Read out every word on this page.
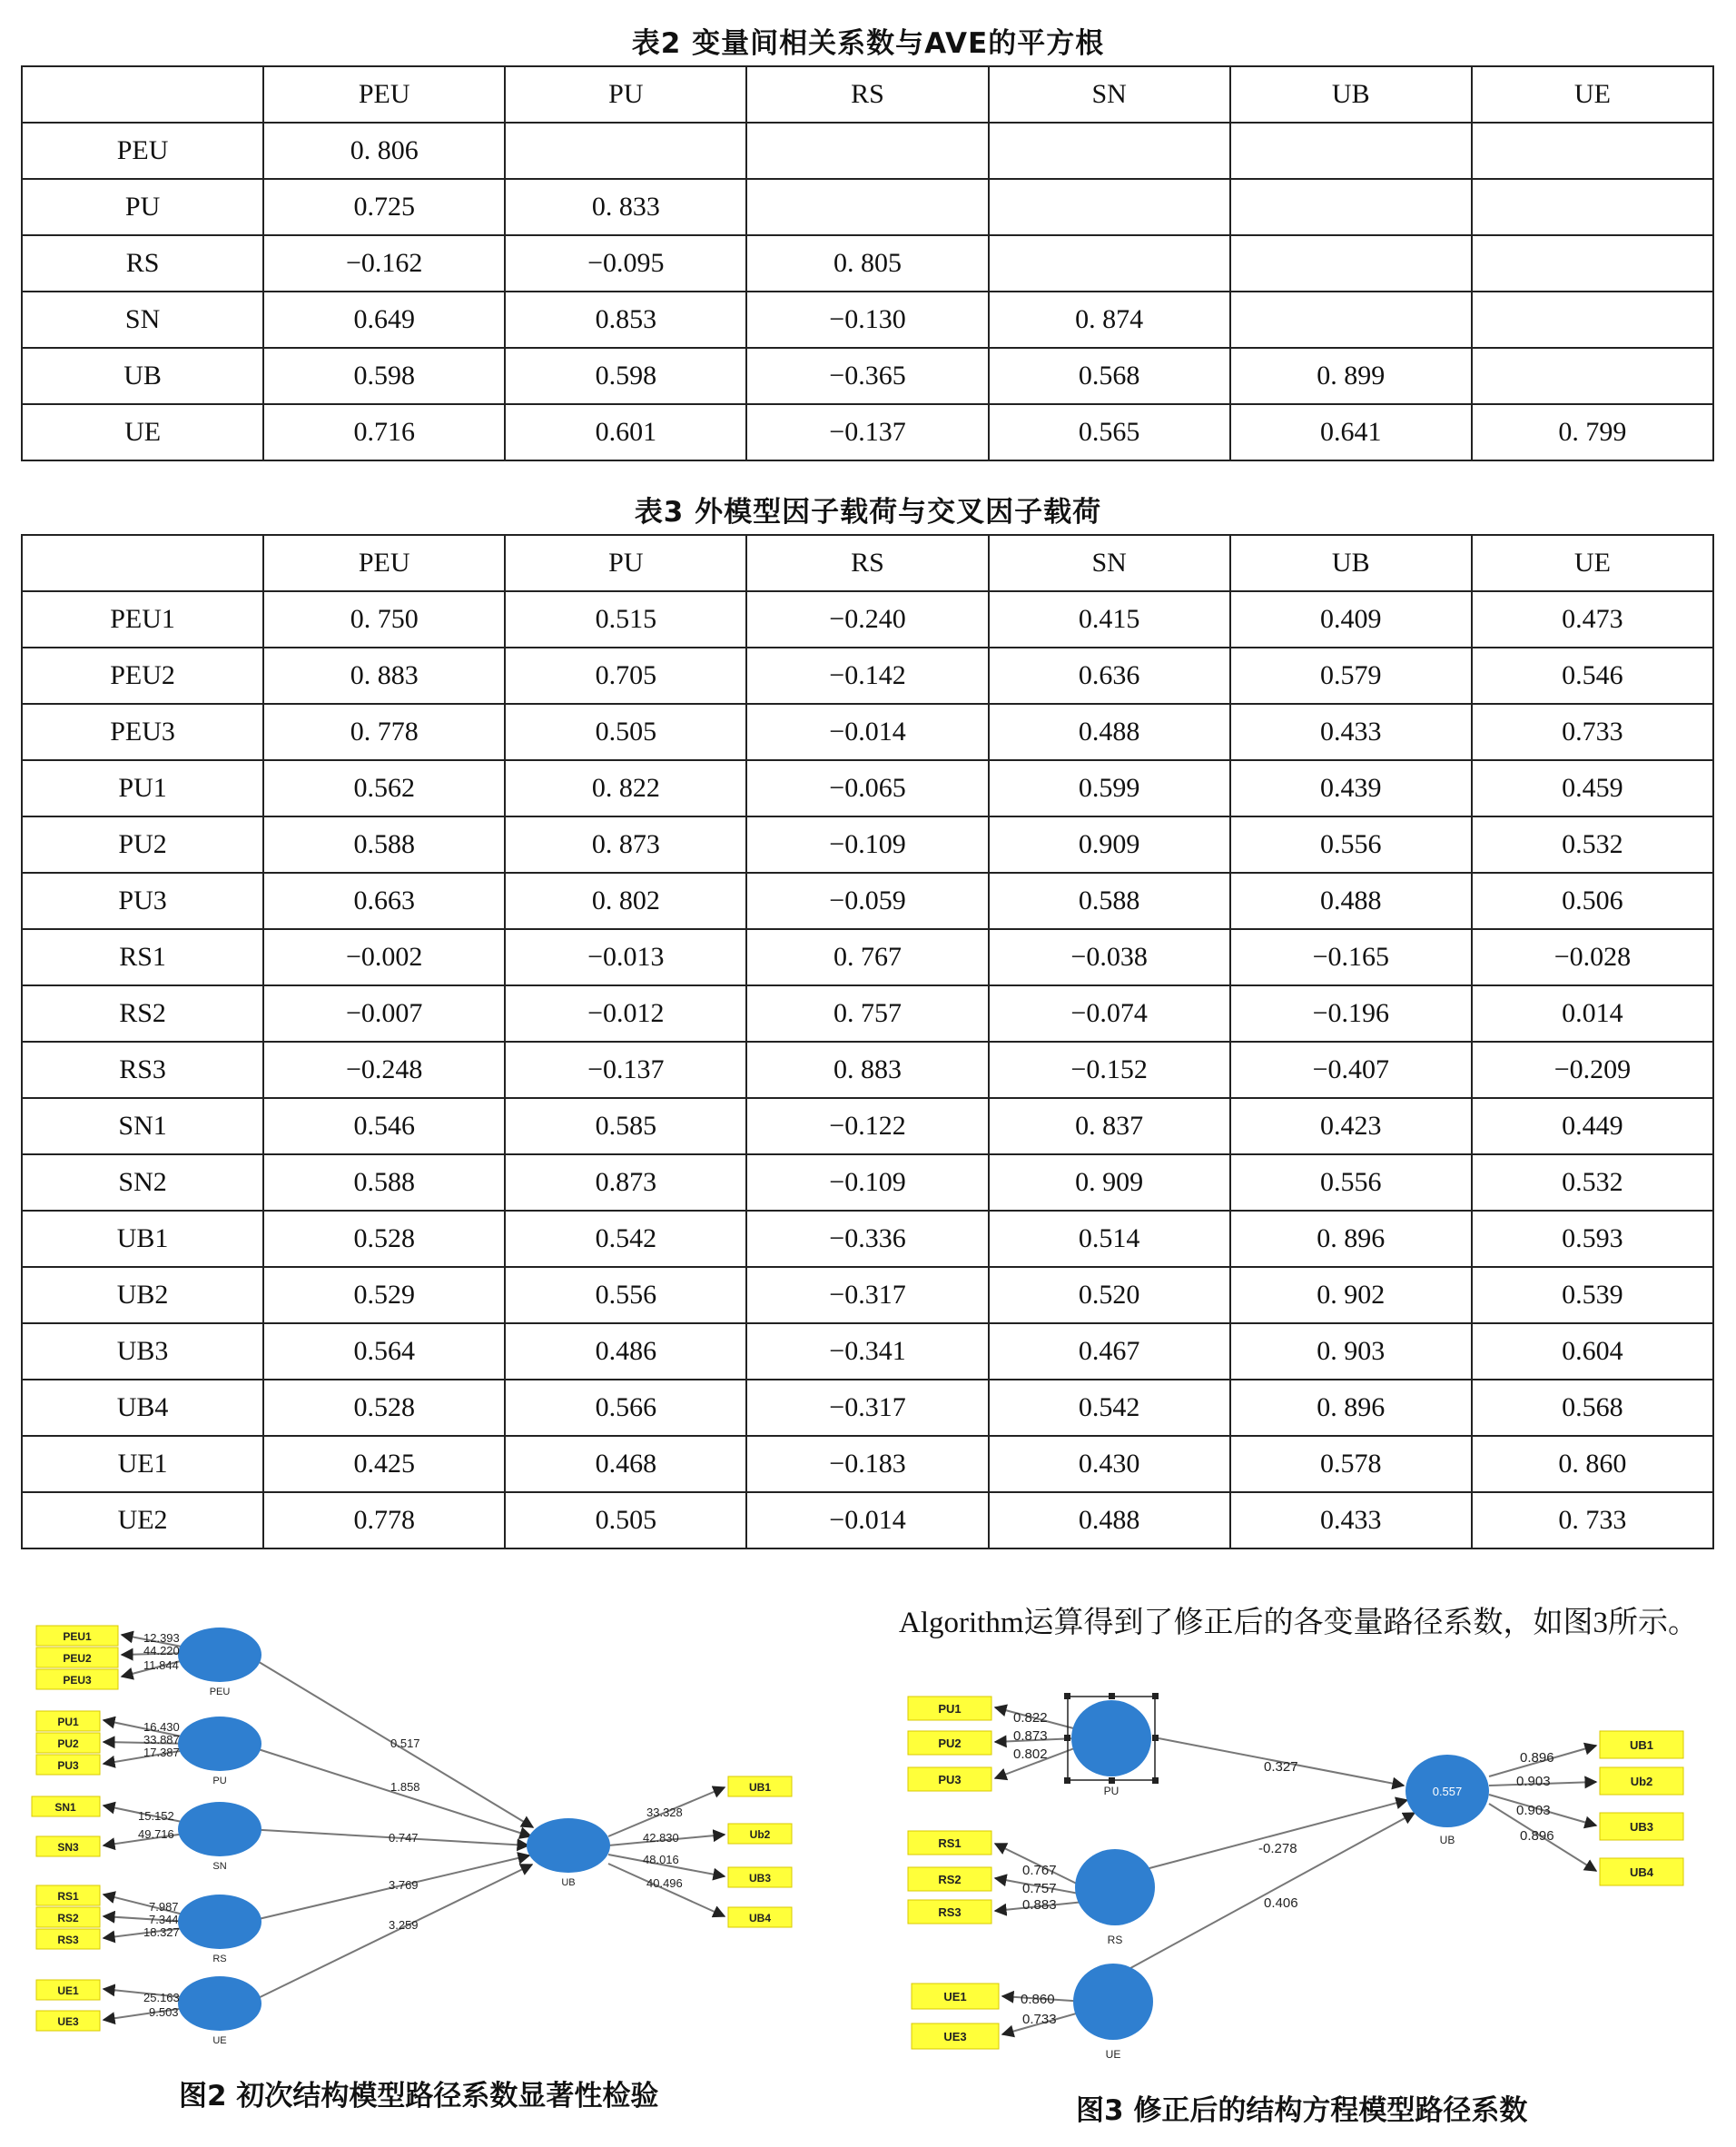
表2 变量间相关系数与AVE的平方根
	PEU	PU	RS	SN	UB	UE
PEU	0. 806					
PU	0.725	0. 833				
RS	−0.162	−0.095	0. 805			
SN	0.649	0.853	−0.130	0. 874		
UB	0.598	0.598	−0.365	0.568	0. 899	
UE	0.716	0.601	−0.137	0.565	0.641	0. 799
表3 外模型因子载荷与交叉因子载荷
	PEU	PU	RS	SN	UB	UE
PEU1	0. 750	0.515	−0.240	0.415	0.409	0.473
PEU2	0. 883	0.705	−0.142	0.636	0.579	0.546
PEU3	0. 778	0.505	−0.014	0.488	0.433	0.733
PU1	0.562	0. 822	−0.065	0.599	0.439	0.459
PU2	0.588	0. 873	−0.109	0.909	0.556	0.532
PU3	0.663	0. 802	−0.059	0.588	0.488	0.506
RS1	−0.002	−0.013	0. 767	−0.038	−0.165	−0.028
RS2	−0.007	−0.012	0. 757	−0.074	−0.196	0.014
RS3	−0.248	−0.137	0. 883	−0.152	−0.407	−0.209
SN1	0.546	0.585	−0.122	0. 837	0.423	0.449
SN2	0.588	0.873	−0.109	0. 909	0.556	0.532
UB1	0.528	0.542	−0.336	0.514	0. 896	0.593
UB2	0.529	0.556	−0.317	0.520	0. 902	0.539
UB3	0.564	0.486	−0.341	0.467	0. 903	0.604
UB4	0.528	0.566	−0.317	0.542	0. 896	0.568
UE1	0.425	0.468	−0.183	0.430	0.578	0. 860
UE2	0.778	0.505	−0.014	0.488	0.433	0. 733
PEU
PU
SN
RS
UE
UB
PEU1
PEU2
PEU3
PU1
PU2
PU3
SN1
SN3
RS1
RS2
RS3
UE1
UE3
UB1
Ub2
UB3
UB4
12.393
44.220
11.844
16.430
33.887
17.387
15.152
49.716
7.987
7.344
18.327
25.163
9.503
33.328
42.830
48.016
40.496
0.517
1.858
0.747
3.769
3.259
图2 初次结构模型路径系数显著性检验
Algorithm运算得到了修正后的各变量路径系数，如图3所示。
PU
RS
UE
UB
0.557
PU1
PU2
PU3
RS1
RS2
RS3
UE1
UE3
UB1
Ub2
UB3
UB4
0.822
0.873
0.802
0.767
0.757
0.883
0.860
0.733
0.896
0.903
0.903
0.896
0.327
-0.278
0.406
图3 修正后的结构方程模型路径系数
